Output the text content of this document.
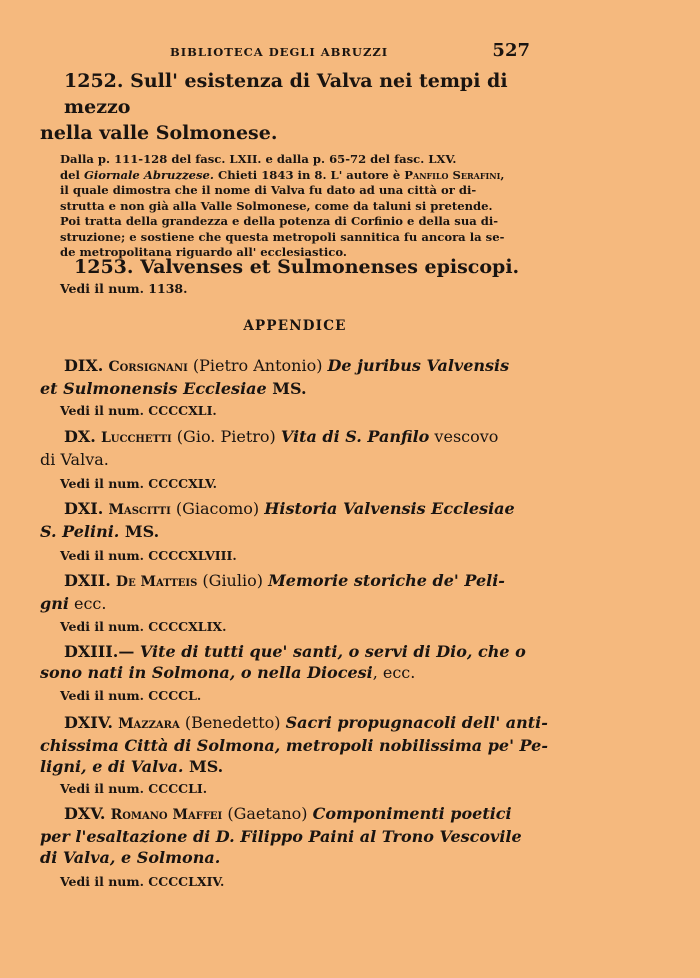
BIBLIOTECA DEGLI ABRUZZI	527
1252. Sull' esistenza di Valva nei tempi di mezzo
nella valle Solmonese.
Dalla p. 111-128 del fasc. LXII. e dalla p. 65-72 del fasc. LXV.
del Giornale Abruzzese. Chieti 1843 in 8. L' autore è Panfilo Serafini,
il quale dimostra che il nome di Valva fu dato ad una città or di-
strutta e non già alla Valle Solmonese, come da taluni si pretende.
Poi tratta della grandezza e della potenza di Corfinio e della sua di-
struzione; e sostiene che questa metropoli sannitica fu ancora la se-
de metropolitana riguardo all' ecclesiastico.
1253. Valvenses et Sulmonenses episcopi.
Vedi il num. 1138.
APPENDICE
DIX. Corsignani (Pietro Antonio) De juribus Valvensis
et Sulmonensis Ecclesiae MS.
Vedi il num. CCCCXLI.
DX. Lucchetti (Gio. Pietro) Vita di S. Panfilo vescovo
di Valva.
Vedi il num. CCCCXLV.
DXI. Mascitti (Giacomo) Historia Valvensis Ecclesiae
S. Pelini. MS.
Vedi il num. CCCCXLVIII.
DXII. De Matteis (Giulio) Memorie storiche de' Peli-
gni ecc.
Vedi il num. CCCCXLIX.
DXIII.— Vite di tutti que' santi, o servi di Dio, che o
sono nati in Solmona, o nella Diocesi, ecc.
Vedi il num. CCCCL.
DXIV. Mazzara (Benedetto) Sacri propugnacoli dell' anti-
chissima Città di Solmona, metropoli nobilissima pe' Pe-
ligni, e di Valva. MS.
Vedi il num. CCCCLI.
DXV. Romano Maffei (Gaetano) Componimenti poetici
per l'esaltazione di D. Filippo Paini al Trono Vescovile
di Valva, e Solmona.
Vedi il num. CCCCLXIV.
